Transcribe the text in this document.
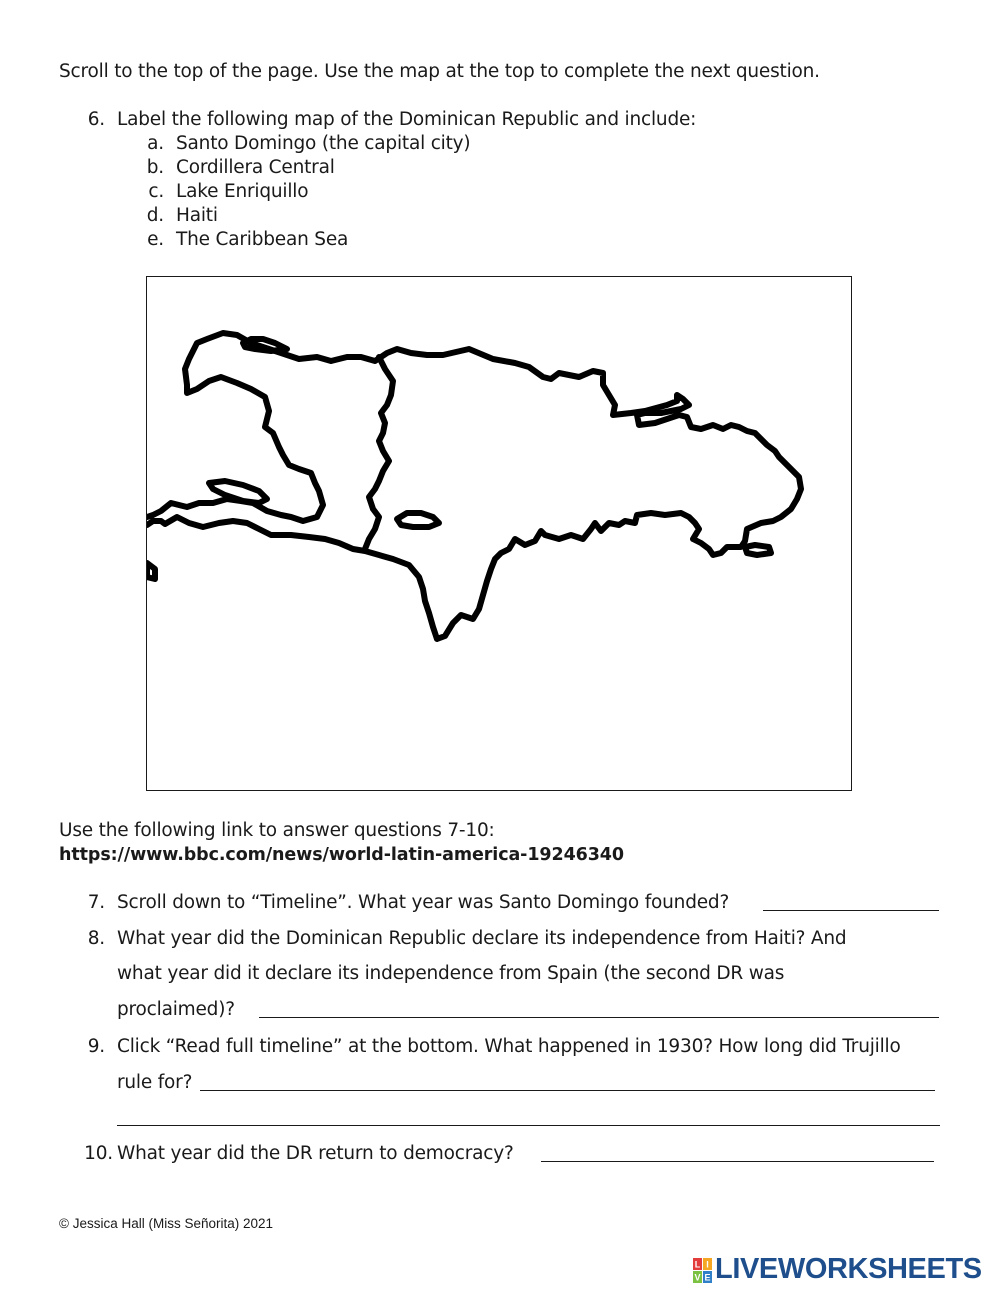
Scroll to the top of the page. Use the map at the top to complete the next question.
6. Label the following map of the Dominican Republic and include:
a. Santo Domingo (the capital city)
b. Cordillera Central
c. Lake Enriquillo
d. Haiti
e. The Caribbean Sea
Use the following link to answer questions 7-10:
https://www.bbc.com/news/world-latin-america-19246340
7. Scroll down to “Timeline”. What year was Santo Domingo founded?
8. What year did the Dominican Republic declare its independence from Haiti? And
what year did it declare its independence from Spain (the second DR was
proclaimed)?
9. Click “Read full timeline” at the bottom. What happened in 1930? How long did Trujillo
rule for?
10. What year did the DR return to democracy?
© Jessica Hall (Miss Señorita) 2021
L I
V E LIVEWORKSHEETS
